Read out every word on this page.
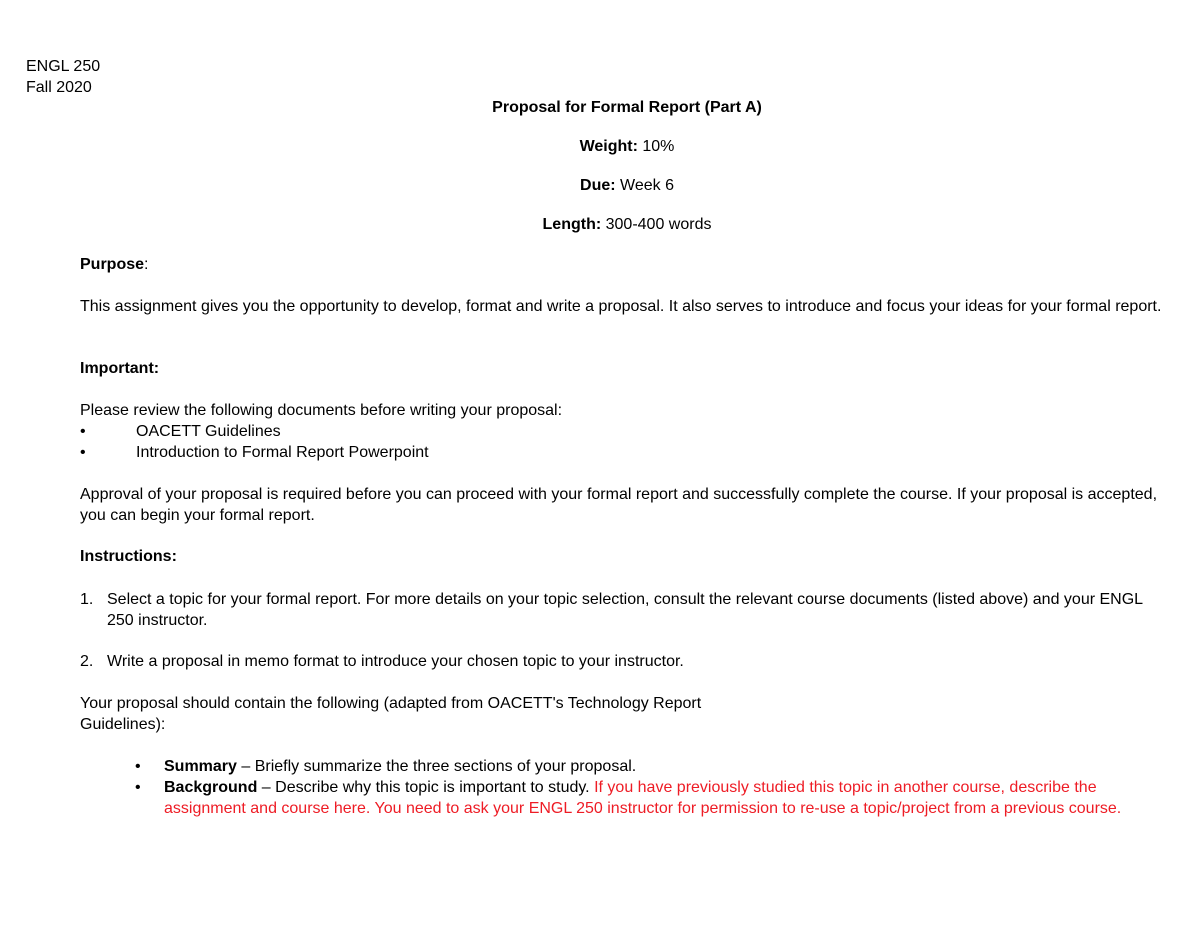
ENGL 250
Fall 2020
Proposal for Formal Report (Part A)
Weight: 10%
Due: Week 6
Length: 300-400 words
Purpose:
This assignment gives you the opportunity to develop, format and write a proposal. It also serves to introduce and focus your ideas for your formal report.
Important:
Please review the following documents before writing your proposal:
•	OACETT Guidelines
•	Introduction to Formal Report Powerpoint
Approval of your proposal is required before you can proceed with your formal report and successfully complete the course. If your proposal is accepted, you can begin your formal report.
Instructions:
1. Select a topic for your formal report. For more details on your topic selection, consult the relevant course documents (listed above) and your ENGL 250 instructor.
2. Write a proposal in memo format to introduce your chosen topic to your instructor.
Your proposal should contain the following (adapted from OACETT's Technology Report
Guidelines):
• Summary – Briefly summarize the three sections of your proposal.
• Background – Describe why this topic is important to study. If you have previously studied this topic in another course, describe the assignment and course here. You need to ask your ENGL 250 instructor for permission to re-use a topic/project from a previous course.
